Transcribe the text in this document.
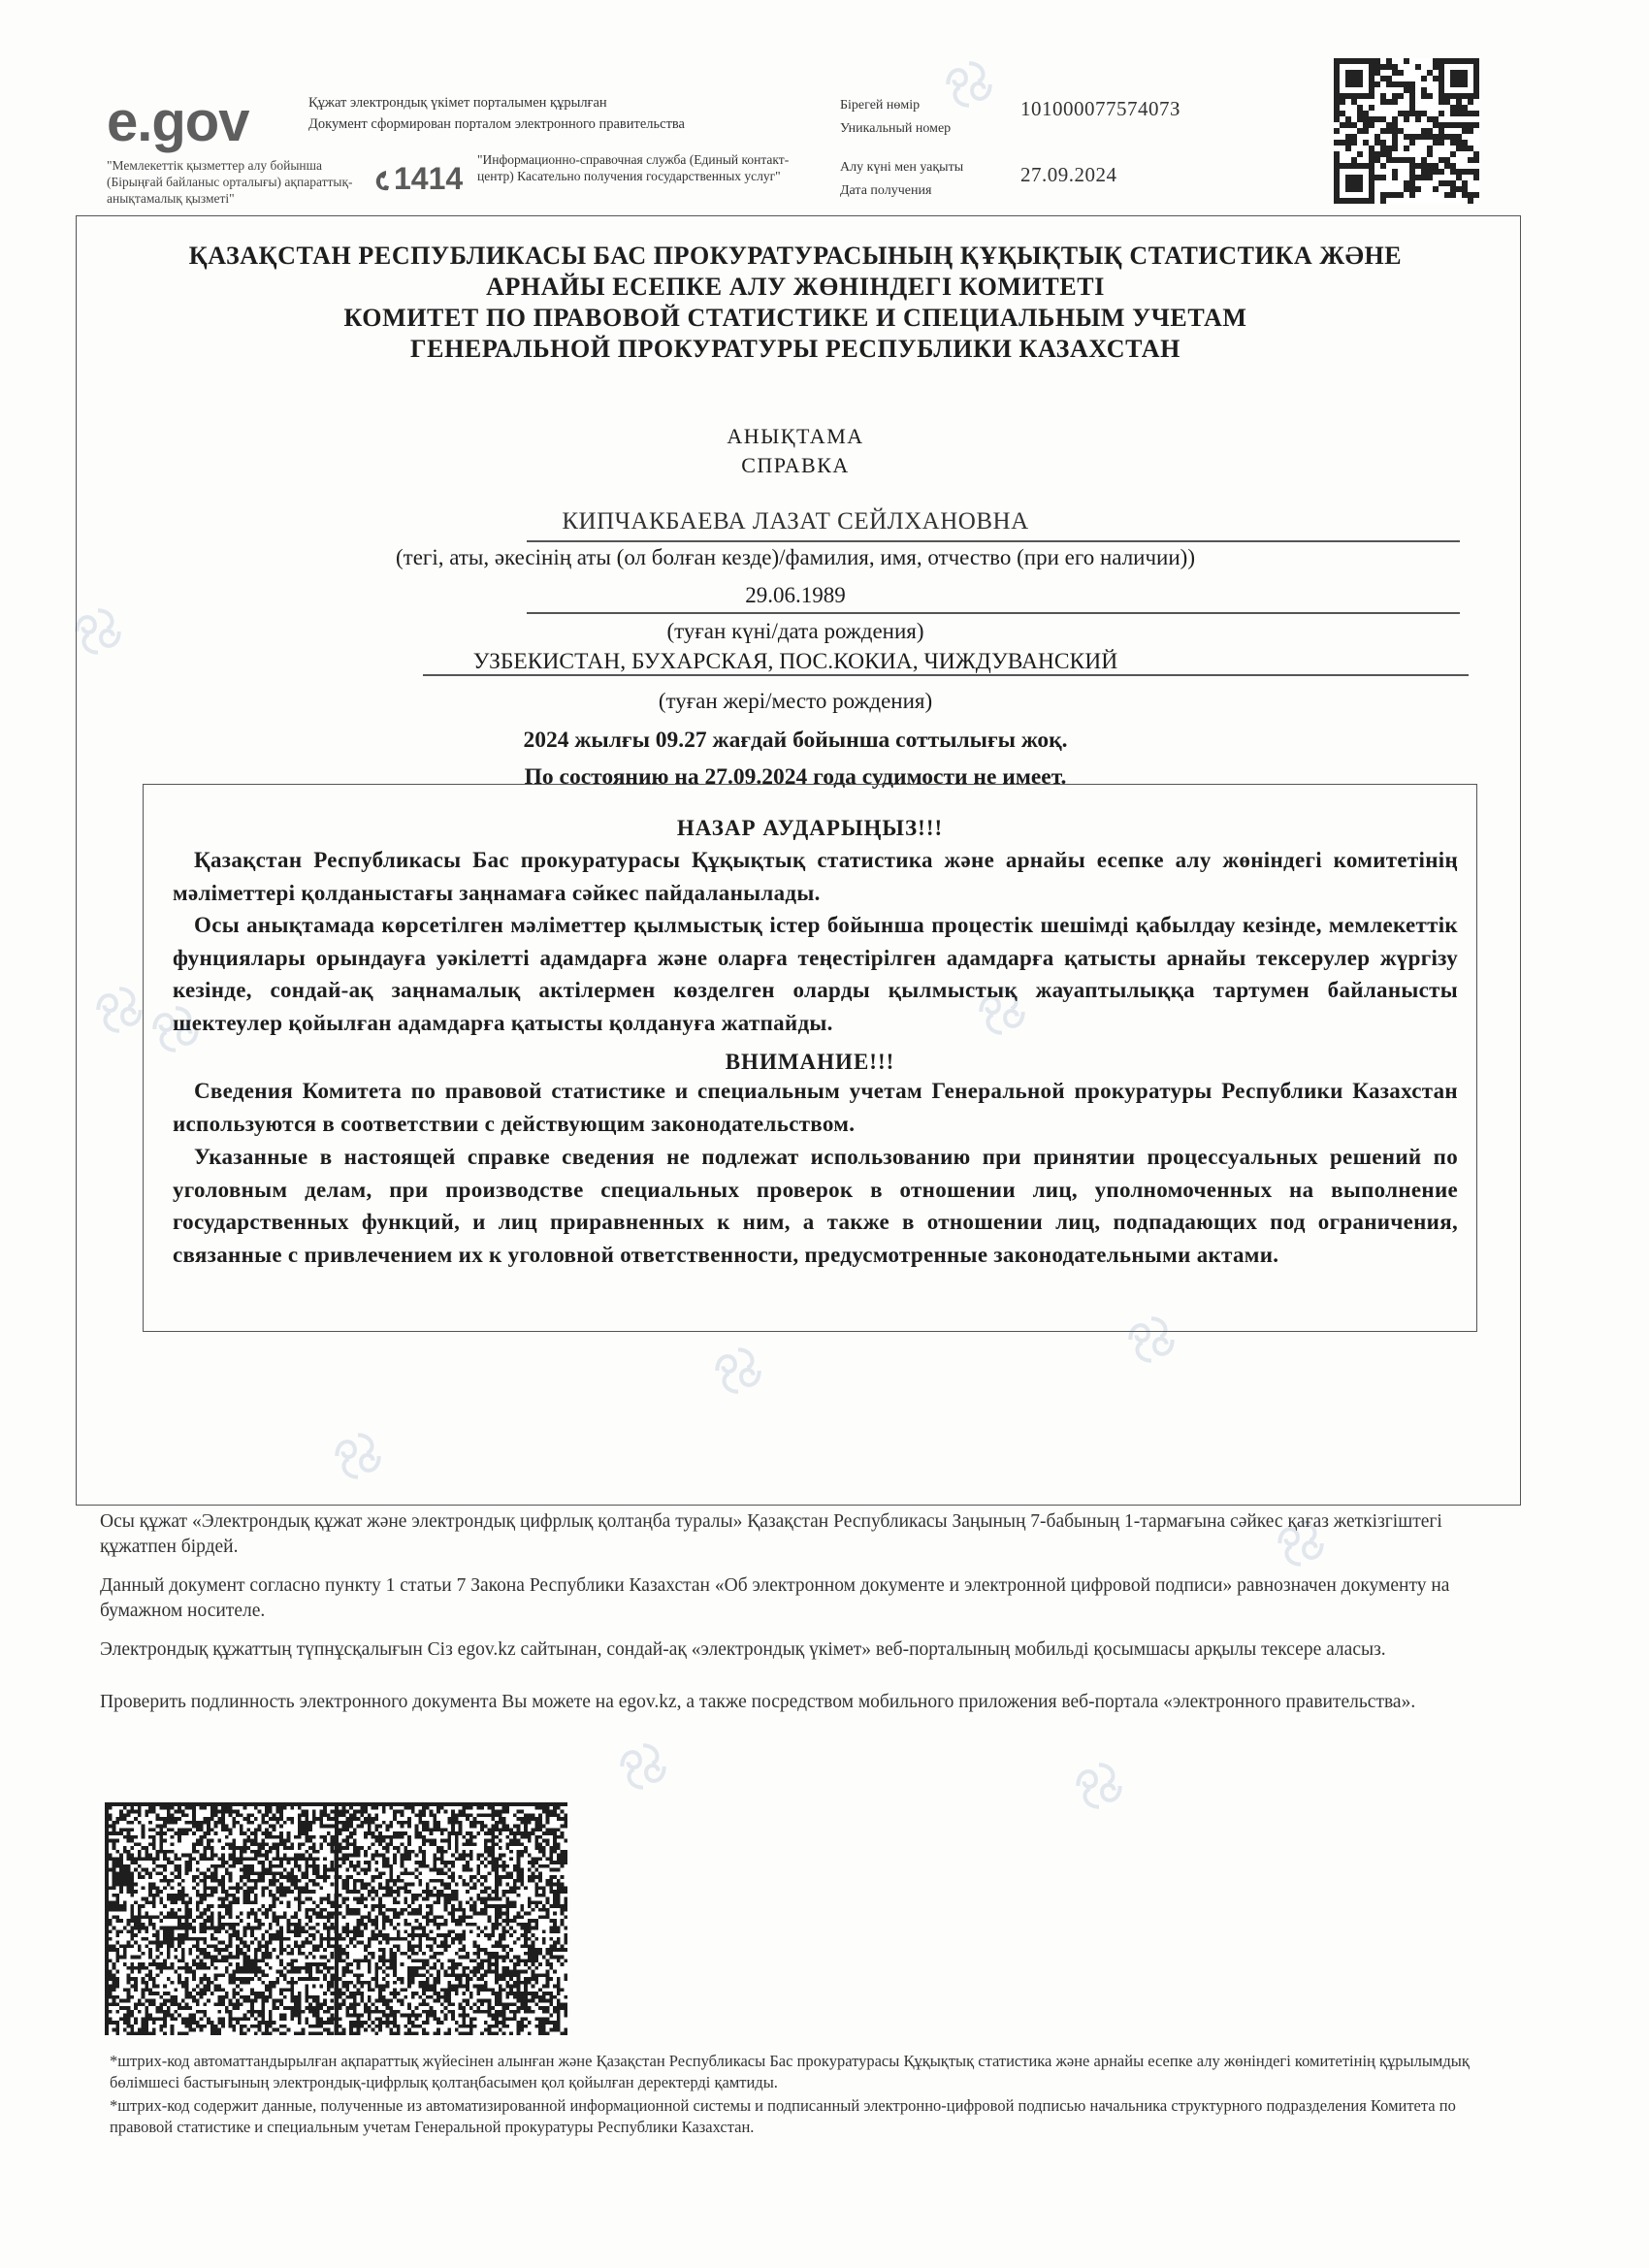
e.gov
"Мемлекеттік қызметтер алу бойынша (Бірыңғай байланыс орталығы) ақпараттық-анықтамалық қызметі"
Құжат электрондық үкімет порталымен құрылған
Документ сформирован порталом электронного правительства
1414
"Информационно-справочная служба (Единый контакт-центр) Касательно получения государственных услуг"
Бірегей нөмір
Уникальный номер
10100007757407З
Алу күні мен уақыты
Дата получения
27.09.2024
ҚАЗАҚСТАН РЕСПУБЛИКАСЫ БАС ПРОКУРАТУРАСЫНЫҢ ҚҰҚЫҚТЫҚ СТАТИСТИКА ЖӘНЕ
АРНАЙЫ ЕСЕПКЕ АЛУ ЖӨНІНДЕГІ КОМИТЕТІ
КОМИТЕТ ПО ПРАВОВОЙ СТАТИСТИКЕ И СПЕЦИАЛЬНЫМ УЧЕТАМ
ГЕНЕРАЛЬНОЙ ПРОКУРАТУРЫ РЕСПУБЛИКИ КАЗАХСТАН
АНЫҚТАМА
СПРАВКА
КИПЧАКБАЕВА ЛАЗАТ СЕЙЛХАНОВНА
(тегі, аты, әкесінің аты (ол болған кезде)/фамилия, имя, отчество (при его наличии))
29.06.1989
(туған күні/дата рождения)
УЗБЕКИСТАН, БУХАРСКАЯ, ПОС.КОКИА, ЧИЖДУВАНСКИЙ
(туған жері/место рождения)
2024 жылғы 09.27 жағдай бойынша соттылығы жоқ.
По состоянию на 27.09.2024 года судимости не имеет.
НАЗАР АУДАРЫҢЫЗ!!!
Қазақстан Республикасы Бас прокуратурасы Құқықтық статистика және арнайы есепке алу жөніндегі комитетінің мәліметтері қолданыстағы заңнамаға сәйкес пайдаланылады.
Осы анықтамада көрсетілген мәліметтер қылмыстық істер бойынша процестік шешімді қабылдау кезінде, мемлекеттік фунциялары орындауға уәкілетті адамдарға және оларға теңестірілген адамдарға қатысты арнайы тексерулер жүргізу кезінде, сондай-ақ заңнамалық актілермен көзделген оларды қылмыстық жауаптылыққа тартумен байланысты шектеулер қойылған адамдарға қатысты қолдануға жатпайды.
ВНИМАНИЕ!!!
Сведения Комитета по правовой статистике и специальным учетам Генеральной прокуратуры Республики Казахстан используются в соответствии с действующим законодательством.
Указанные в настоящей справке сведения не подлежат использованию при принятии процессуальных решений по уголовным делам, при производстве специальных проверок в отношении лиц, уполномоченных на выполнение государственных функций, и лиц приравненных к ним, а также в отношении лиц, подпадающих под ограничения, связанные с привлечением их к уголовной ответственности, предусмотренные законодательными актами.
Осы құжат «Электрондық құжат және электрондық цифрлық қолтаңба туралы» Қазақстан Республикасы Заңының 7-бабының 1-тармағына сәйкес қағаз жеткізгіштегі құжатпен бірдей.
Данный документ согласно пункту 1 статьи 7 Закона Республики Казахстан «Об электронном документе и электронной цифровой подписи» равнозначен документу на бумажном носителе.
Электрондық құжаттың түпнұсқалығын Сіз egov.kz сайтынан, сондай-ақ «электрондық үкімет» веб-порталының мобильді қосымшасы арқылы тексере аласыз.
Проверить подлинность электронного документа Вы можете на egov.kz, а также посредством мобильного приложения веб-портала «электронного правительства».
*штрих-код автоматтандырылған ақпараттық жүйесінен алынған және Қазақстан Республикасы Бас прокуратурасы Құқықтық статистика және арнайы есепке алу жөніндегі комитетінің құрылымдық бөлімшесі бастығының электрондық-цифрлық қолтаңбасымен қол қойылған деректерді қамтиды.
*штрих-код содержит данные, полученные из автоматизированной информационной системы и подписанный электронно-цифровой подписью начальника структурного подразделения Комитета по правовой статистике и специальным учетам Генеральной прокуратуры Республики Казахстан.
